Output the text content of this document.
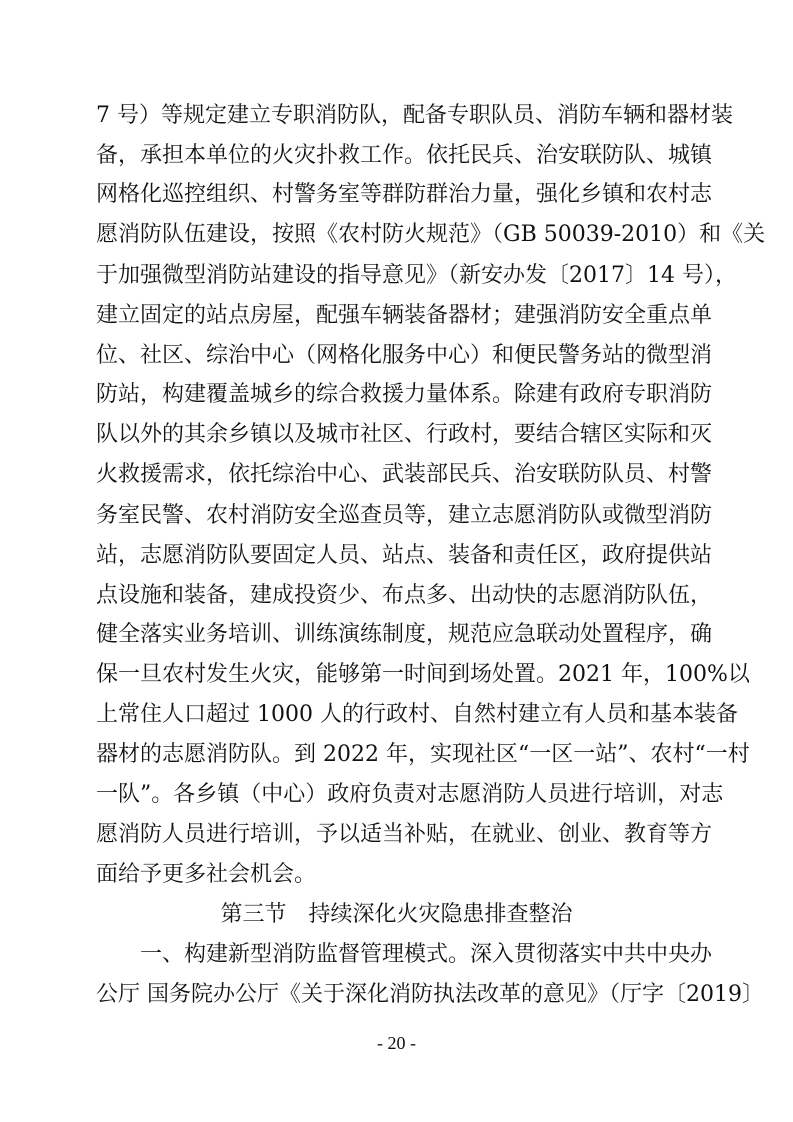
7 号）等规定建立专职消防队，配备专职队员、消防车辆和器材装
备，承担本单位的火灾扑救工作。依托民兵、治安联防队、城镇
网格化巡控组织、村警务室等群防群治力量，强化乡镇和农村志
愿消防队伍建设，按照《农村防火规范》（GB 50039-2010）和《关
于加强微型消防站建设的指导意见》（新安办发〔2017〕14 号），
建立固定的站点房屋，配强车辆装备器材；建强消防安全重点单
位、社区、综治中心（网格化服务中心）和便民警务站的微型消
防站，构建覆盖城乡的综合救援力量体系。除建有政府专职消防
队以外的其余乡镇以及城市社区、行政村，要结合辖区实际和灭
火救援需求，依托综治中心、武装部民兵、治安联防队员、村警
务室民警、农村消防安全巡查员等，建立志愿消防队或微型消防
站，志愿消防队要固定人员、站点、装备和责任区，政府提供站
点设施和装备，建成投资少、布点多、出动快的志愿消防队伍，
健全落实业务培训、训练演练制度，规范应急联动处置程序，确
保一旦农村发生火灾，能够第一时间到场处置。2021 年，100%以
上常住人口超过 1000 人的行政村、自然村建立有人员和基本装备
器材的志愿消防队。到 2022 年，实现社区“一区一站”、农村“一村
一队”。各乡镇（中心）政府负责对志愿消防人员进行培训，对志
愿消防人员进行培训，予以适当补贴，在就业、创业、教育等方
面给予更多社会机会。
第三节　持续深化火灾隐患排查整治
　　一、构建新型消防监督管理模式。深入贯彻落实中共中央办
公厅 国务院办公厅《关于深化消防执法改革的意见》（厅字〔2019〕
- 20 -
